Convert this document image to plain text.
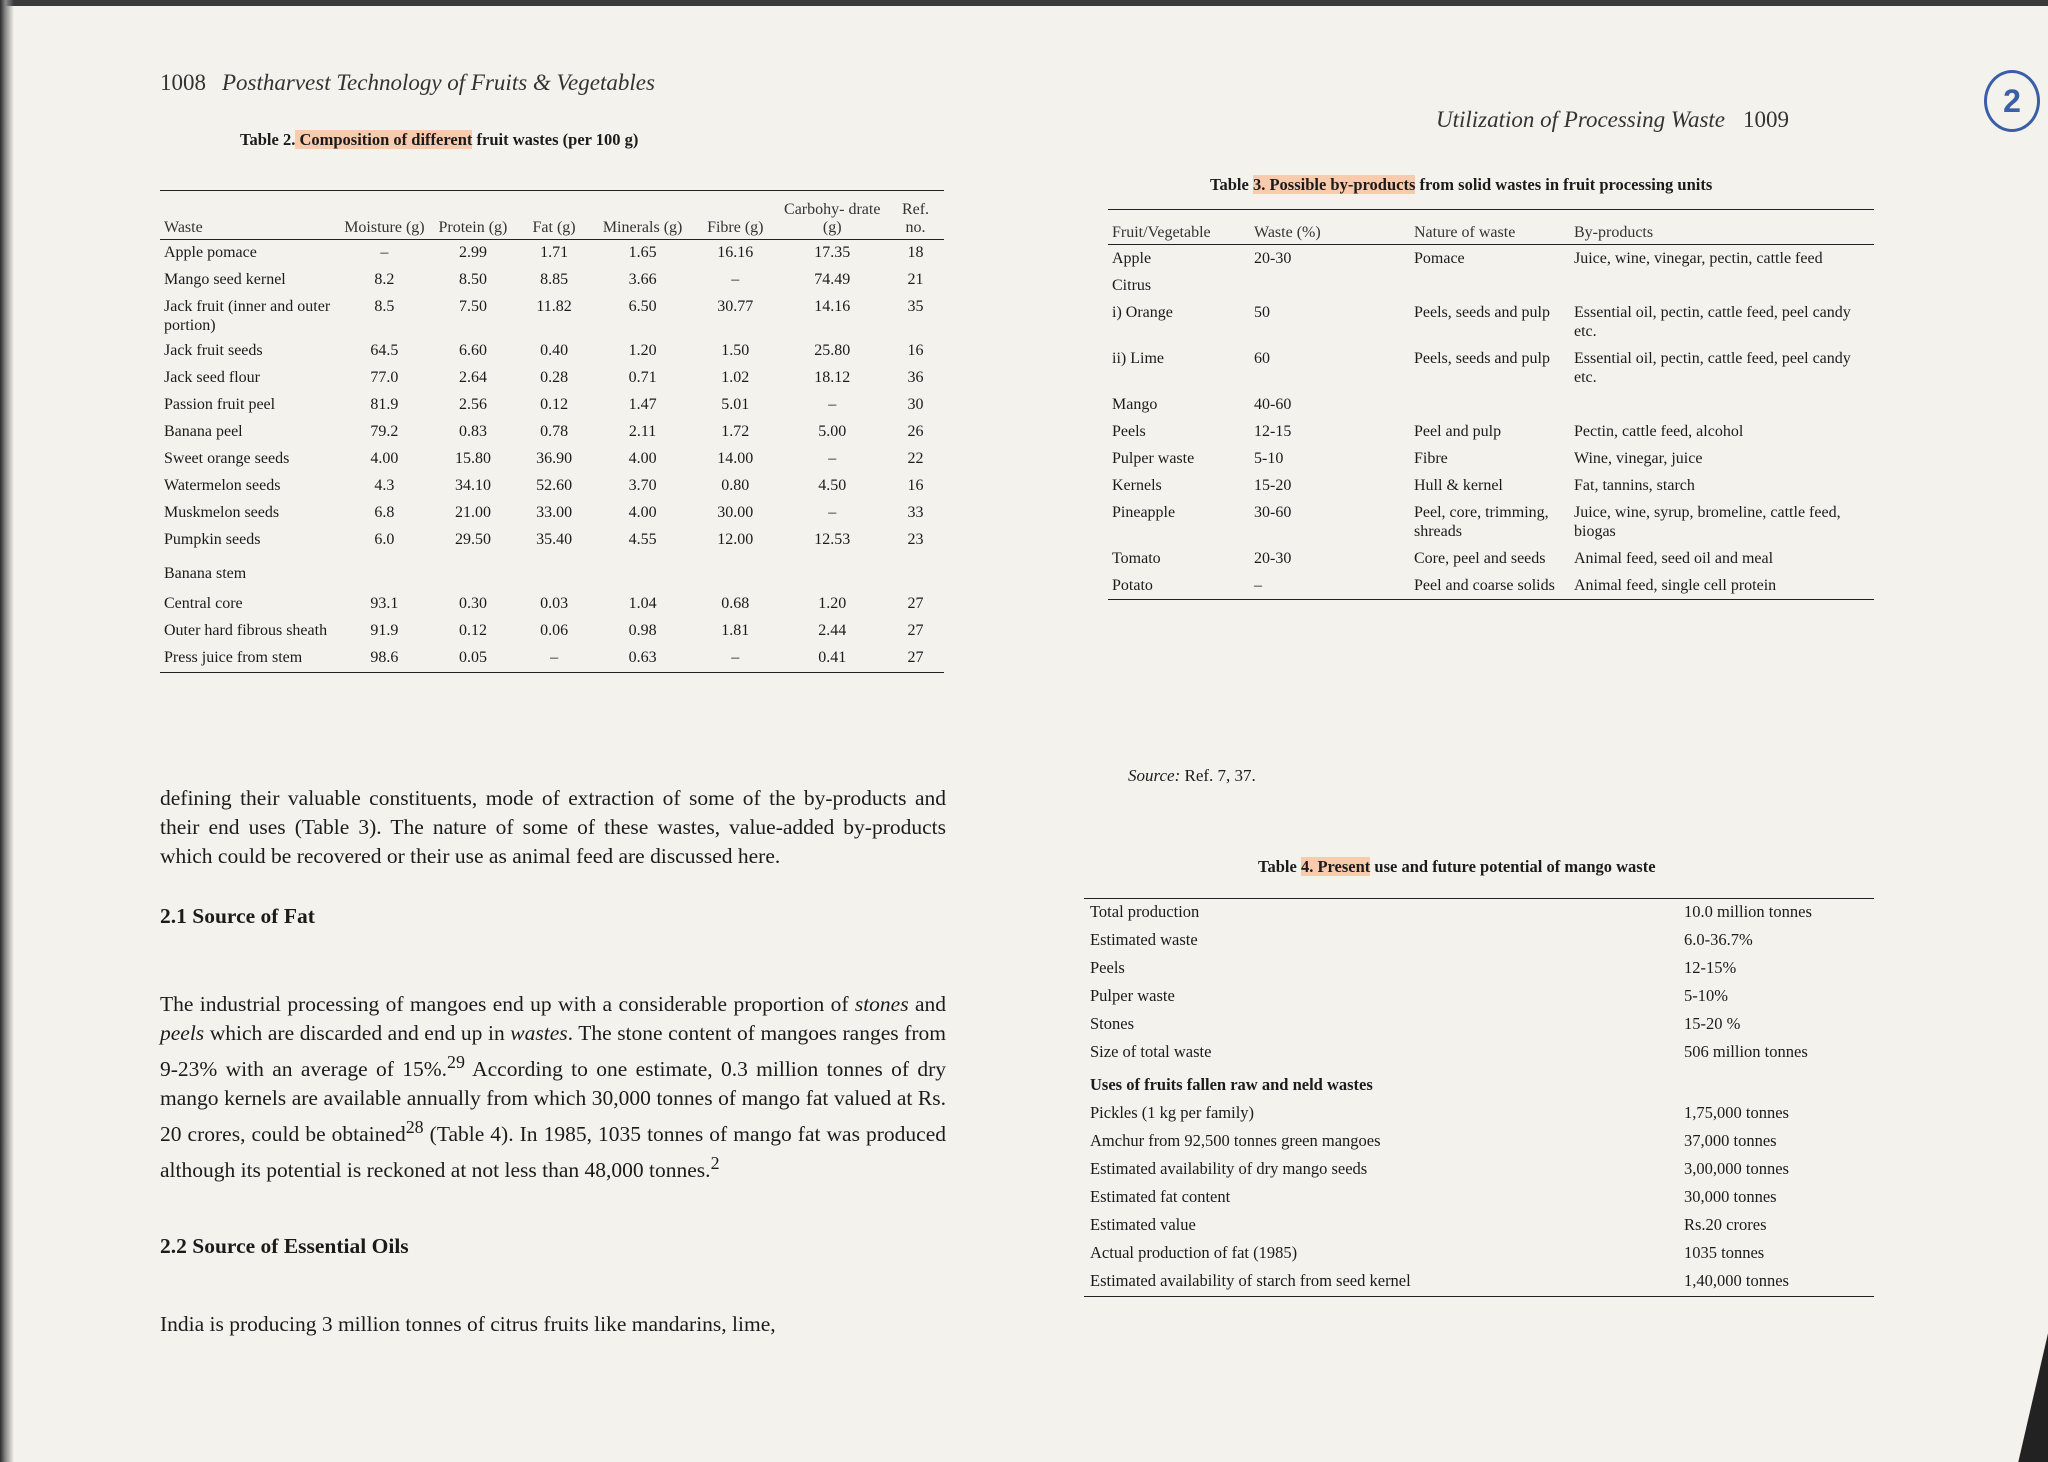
1008 Postharvest Technology of Fruits & Vegetables
Utilization of Processing Waste 1009
2
Table 2. Composition of different fruit wastes (per 100 g)
Waste	Moisture (g)	Protein (g)	Fat (g)	Minerals (g)	Fibre (g)	Carbohy- drate (g)	Ref. no.
Apple pomace	–	2.99	1.71	1.65	16.16	17.35	18
Mango seed kernel	8.2	8.50	8.85	3.66	–	74.49	21
Jack fruit (inner and outer portion)	8.5	7.50	11.82	6.50	30.77	14.16	35
Jack fruit seeds	64.5	6.60	0.40	1.20	1.50	25.80	16
Jack seed flour	77.0	2.64	0.28	0.71	1.02	18.12	36
Passion fruit peel	81.9	2.56	0.12	1.47	5.01	–	30
Banana peel	79.2	0.83	0.78	2.11	1.72	5.00	26
Sweet orange seeds	4.00	15.80	36.90	4.00	14.00	–	22
Watermelon seeds	4.3	34.10	52.60	3.70	0.80	4.50	16
Muskmelon seeds	6.8	21.00	33.00	4.00	30.00	–	33
Pumpkin seeds	6.0	29.50	35.40	4.55	12.00	12.53	23
Banana stem							
Central core	93.1	0.30	0.03	1.04	0.68	1.20	27
Outer hard fibrous sheath	91.9	0.12	0.06	0.98	1.81	2.44	27
Press juice from stem	98.6	0.05	–	0.63	–	0.41	27
Table 3. Possible by-products from solid wastes in fruit processing units
Fruit/Vegetable	Waste (%)	Nature of waste	By-products
Apple	20-30	Pomace	Juice, wine, vinegar, pectin, cattle feed
Citrus			
i) Orange	50	Peels, seeds and pulp	Essential oil, pectin, cattle feed, peel candy etc.
ii) Lime	60	Peels, seeds and pulp	Essential oil, pectin, cattle feed, peel candy etc.
Mango	40-60		
Peels	12-15	Peel and pulp	Pectin, cattle feed, alcohol
Pulper waste	5-10	Fibre	Wine, vinegar, juice
Kernels	15-20	Hull & kernel	Fat, tannins, starch
Pineapple	30-60	Peel, core, trimming, shreads	Juice, wine, syrup, bromeline, cattle feed, biogas
Tomato	20-30	Core, peel and seeds	Animal feed, seed oil and meal
Potato	–	Peel and coarse solids	Animal feed, single cell protein
Source: Ref. 7, 37.
Table 4. Present use and future potential of mango waste
Total production	10.0 million tonnes
Estimated waste	6.0-36.7%
Peels	12-15%
Pulper waste	5-10%
Stones	15-20 %
Size of total waste	506 million tonnes
Uses of fruits fallen raw and neld wastes	
Pickles (1 kg per family)	1,75,000 tonnes
Amchur from 92,500 tonnes green mangoes	37,000 tonnes
Estimated availability of dry mango seeds	3,00,000 tonnes
Estimated fat content	30,000 tonnes
Estimated value	Rs.20 crores
Actual production of fat (1985)	1035 tonnes
Estimated availability of starch from seed kernel	1,40,000 tonnes
defining their valuable constituents, mode of extraction of some of the by-products and their end uses (Table 3). The nature of some of these wastes, value-added by-products which could be recovered or their use as animal feed are discussed here.
2.1 Source of Fat
The industrial processing of mangoes end up with a considerable proportion of stones and peels which are discarded and end up in wastes. The stone content of mangoes ranges from 9-23% with an average of 15%.$^{29}$ According to one estimate, 0.3 million tonnes of dry mango kernels are available annually from which 30,000 tonnes of mango fat valued at Rs. 20 crores, could be obtained$^{28}$ (Table 4). In 1985, 1035 tonnes of mango fat was produced although its potential is reckoned at not less than 48,000 tonnes.$^2$
2.2 Source of Essential Oils
India is producing 3 million tonnes of citrus fruits like mandarins, lime,
